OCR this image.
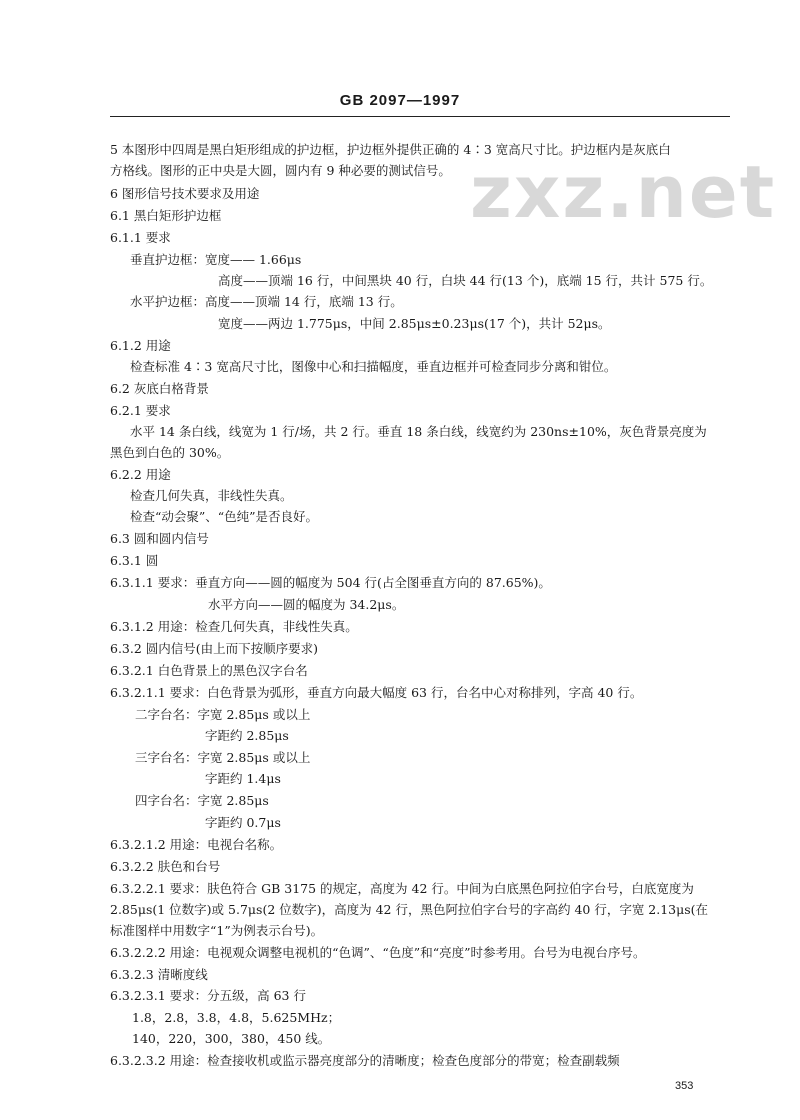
zxz.net
GB 2097—1997
5 本图形中四周是黑白矩形组成的护边框，护边框外提供正确的 4∶3 宽高尺寸比。护边框内是灰底白
方格线。图形的正中央是大圆，圆内有 9 种必要的测试信号。
6 图形信号技术要求及用途
6.1 黑白矩形护边框
6.1.1 要求
垂直护边框：宽度—— 1.66μs
高度——顶端 16 行，中间黑块 40 行，白块 44 行(13 个)，底端 15 行，共计 575 行。
水平护边框：高度——顶端 14 行，底端 13 行。
宽度——两边 1.775μs，中间 2.85μs±0.23μs(17 个)，共计 52μs。
6.1.2 用途
检查标准 4∶3 宽高尺寸比，图像中心和扫描幅度，垂直边框并可检查同步分离和钳位。
6.2 灰底白格背景
6.2.1 要求
水平 14 条白线，线宽为 1 行/场，共 2 行。垂直 18 条白线，线宽约为 230ns±10%，灰色背景亮度为
黑色到白色的 30%。
6.2.2 用途
检查几何失真，非线性失真。
检查“动会聚”、“色纯”是否良好。
6.3 圆和圆内信号
6.3.1 圆
6.3.1.1 要求：垂直方向——圆的幅度为 504 行(占全图垂直方向的 87.65%)。
水平方向——圆的幅度为 34.2μs。
6.3.1.2 用途：检查几何失真，非线性失真。
6.3.2 圆内信号(由上而下按顺序要求)
6.3.2.1 白色背景上的黑色汉字台名
6.3.2.1.1 要求：白色背景为弧形，垂直方向最大幅度 63 行，台名中心对称排列，字高 40 行。
二字台名：字宽 2.85μs 或以上
字距约 2.85μs
三字台名：字宽 2.85μs 或以上
字距约 1.4μs
四字台名：字宽 2.85μs
字距约 0.7μs
6.3.2.1.2 用途：电视台名称。
6.3.2.2 肤色和台号
6.3.2.2.1 要求：肤色符合 GB 3175 的规定，高度为 42 行。中间为白底黑色阿拉伯字台号，白底宽度为
2.85μs(1 位数字)或 5.7μs(2 位数字)，高度为 42 行，黑色阿拉伯字台号的字高约 40 行，字宽 2.13μs(在
标准图样中用数字“1”为例表示台号)。
6.3.2.2.2 用途：电视观众调整电视机的“色调”、“色度”和“亮度”时参考用。台号为电视台序号。
6.3.2.3 清晰度线
6.3.2.3.1 要求：分五级，高 63 行
1.8，2.8，3.8，4.8，5.625MHz；
140，220，300，380，450 线。
6.3.2.3.2 用途：检查接收机或监示器亮度部分的清晰度；检查色度部分的带宽；检查副载频
353
